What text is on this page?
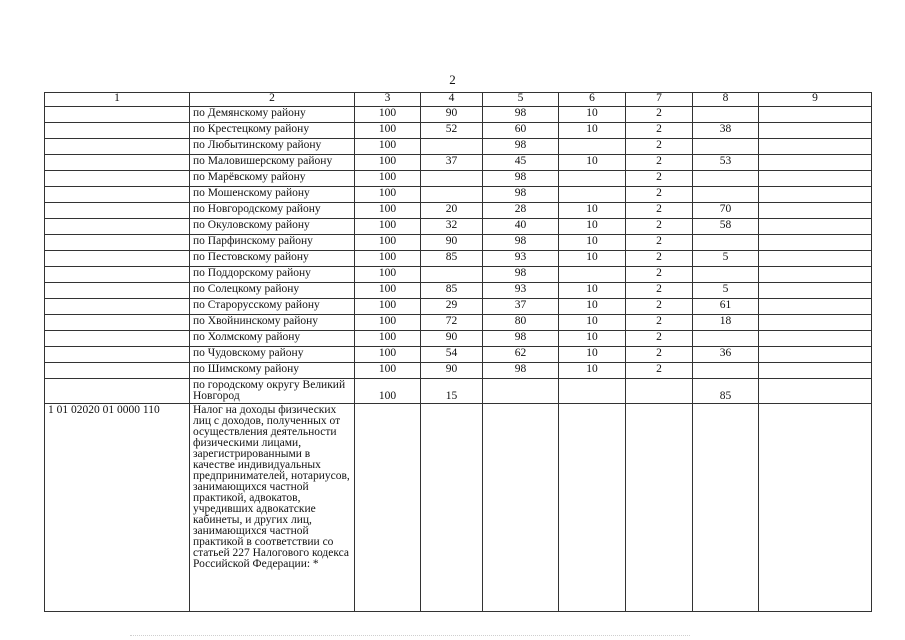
2
1	2	3	4	5	6	7	8	9
	по Демянскому району	100	90	98	10	2		
	по Крестецкому району	100	52	60	10	2	38	
	по Любытинскому району	100		98		2		
	по Маловишерскому району	100	37	45	10	2	53	
	по Марёвскому району	100		98		2		
	по Мошенскому району	100		98		2		
	по Новгородскому району	100	20	28	10	2	70	
	по Окуловскому району	100	32	40	10	2	58	
	по Парфинскому району	100	90	98	10	2		
	по Пестовскому району	100	85	93	10	2	5	
	по Поддорскому району	100		98		2		
	по Солецкому району	100	85	93	10	2	5	
	по Старорусскому району	100	29	37	10	2	61	
	по Хвойнинскому району	100	72	80	10	2	18	
	по Холмскому району	100	90	98	10	2		
	по Чудовскому району	100	54	62	10	2	36	
	по Шимскому району	100	90	98	10	2		
	по городскому округу Великий Новгород	100	15				85	
1 01 02020 01 0000 110	Налог на доходы физических лиц с доходов, полученных от осуществления деятельности физическими лицами, зарегистрированными в качестве индивидуальных предпринимателей, нотариусов, занимающихся частной практикой, адвокатов, учредивших адвокатские кабинеты, и других лиц, занимающихся частной практикой в соответствии со статьей 227 Налогового кодекса Российской Федерации: *							
